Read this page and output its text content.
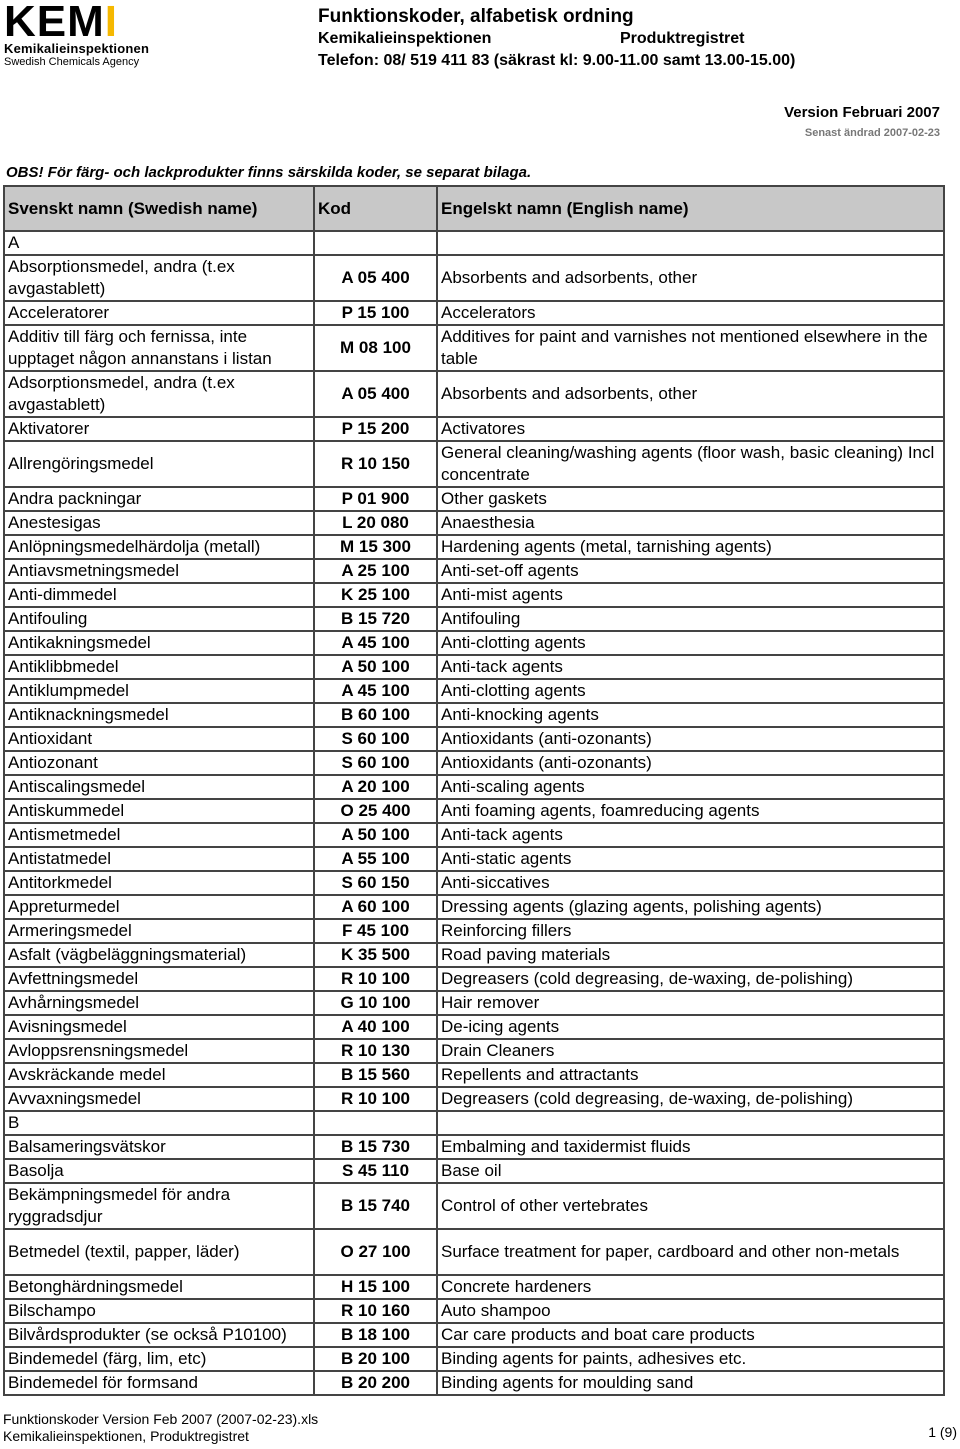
KEMI
Kemikalieinspektionen
Swedish Chemicals Agency
Funktionskoder, alfabetisk ordning
Kemikalieinspektionen	Produktregistret
Telefon: 08/ 519 411 83 (säkrast kl: 9.00-11.00 samt 13.00-15.00)
Version Februari 2007
Senast ändrad 2007-02-23
OBS! För färg- och lackprodukter finns särskilda koder, se separat bilaga.
Svenskt namn (Swedish name)	Kod	Engelskt namn (English name)
A		
Absorptionsmedel, andra (t.ex avgastablett)	A 05 400	Absorbents and adsorbents, other
Acceleratorer	P 15 100	Accelerators
Additiv till färg och fernissa, inte upptaget någon annanstans i listan	M 08 100	Additives for paint and varnishes not mentioned elsewhere in the table
Adsorptionsmedel, andra (t.ex avgastablett)	A 05 400	Absorbents and adsorbents, other
Aktivatorer	P 15 200	Activatores
Allrengöringsmedel	R 10 150	General cleaning/washing agents (floor wash, basic cleaning) Incl concentrate
Andra packningar	P 01 900	Other gaskets
Anestesigas	L 20 080	Anaesthesia
Anlöpningsmedelhärdolja (metall)	M 15 300	Hardening agents (metal, tarnishing agents)
Antiavsmetningsmedel	A 25 100	Anti-set-off agents
Anti-dimmedel	K 25 100	Anti-mist agents
Antifouling	B 15 720	Antifouling
Antikakningsmedel	A 45 100	Anti-clotting agents
Antiklibbmedel	A 50 100	Anti-tack agents
Antiklumpmedel	A 45 100	Anti-clotting agents
Antiknackningsmedel	B 60 100	Anti-knocking agents
Antioxidant	S 60 100	Antioxidants (anti-ozonants)
Antiozonant	S 60 100	Antioxidants (anti-ozonants)
Antiscalingsmedel	A 20 100	Anti-scaling agents
Antiskummedel	O 25 400	Anti foaming agents, foamreducing agents
Antismetmedel	A 50 100	Anti-tack agents
Antistatmedel	A 55 100	Anti-static agents
Antitorkmedel	S 60 150	Anti-siccatives
Appreturmedel	A 60 100	Dressing agents (glazing agents, polishing agents)
Armeringsmedel	F 45 100	Reinforcing fillers
Asfalt (vägbeläggningsmaterial)	K 35 500	Road paving materials
Avfettningsmedel	R 10 100	Degreasers (cold degreasing, de-waxing, de-polishing)
Avhårningsmedel	G 10 100	Hair remover
Avisningsmedel	A 40 100	De-icing agents
Avloppsrensningsmedel	R 10 130	Drain Cleaners
Avskräckande medel	B 15 560	Repellents and attractants
Avvaxningsmedel	R 10 100	Degreasers (cold degreasing, de-waxing, de-polishing)
B		
Balsameringsvätskor	B 15 730	Embalming and taxidermist fluids
Basolja	S 45 110	Base oil
Bekämpningsmedel för andra ryggradsdjur	B 15 740	Control of other vertebrates
Betmedel (textil, papper, läder)	O 27 100	Surface treatment for paper, cardboard and other non-metals
Betonghärdningsmedel	H 15 100	Concrete hardeners
Bilschampo	R 10 160	Auto shampoo
Bilvårdsprodukter (se också P10100)	B 18 100	Car care products and boat care products
Bindemedel (färg, lim, etc)	B 20 100	Binding agents for paints, adhesives etc.
Bindemedel för formsand	B 20 200	Binding agents for moulding sand
Funktionskoder Version Feb 2007 (2007-02-23).xls
Kemikalieinspektionen, Produktregistret	1 (9)
